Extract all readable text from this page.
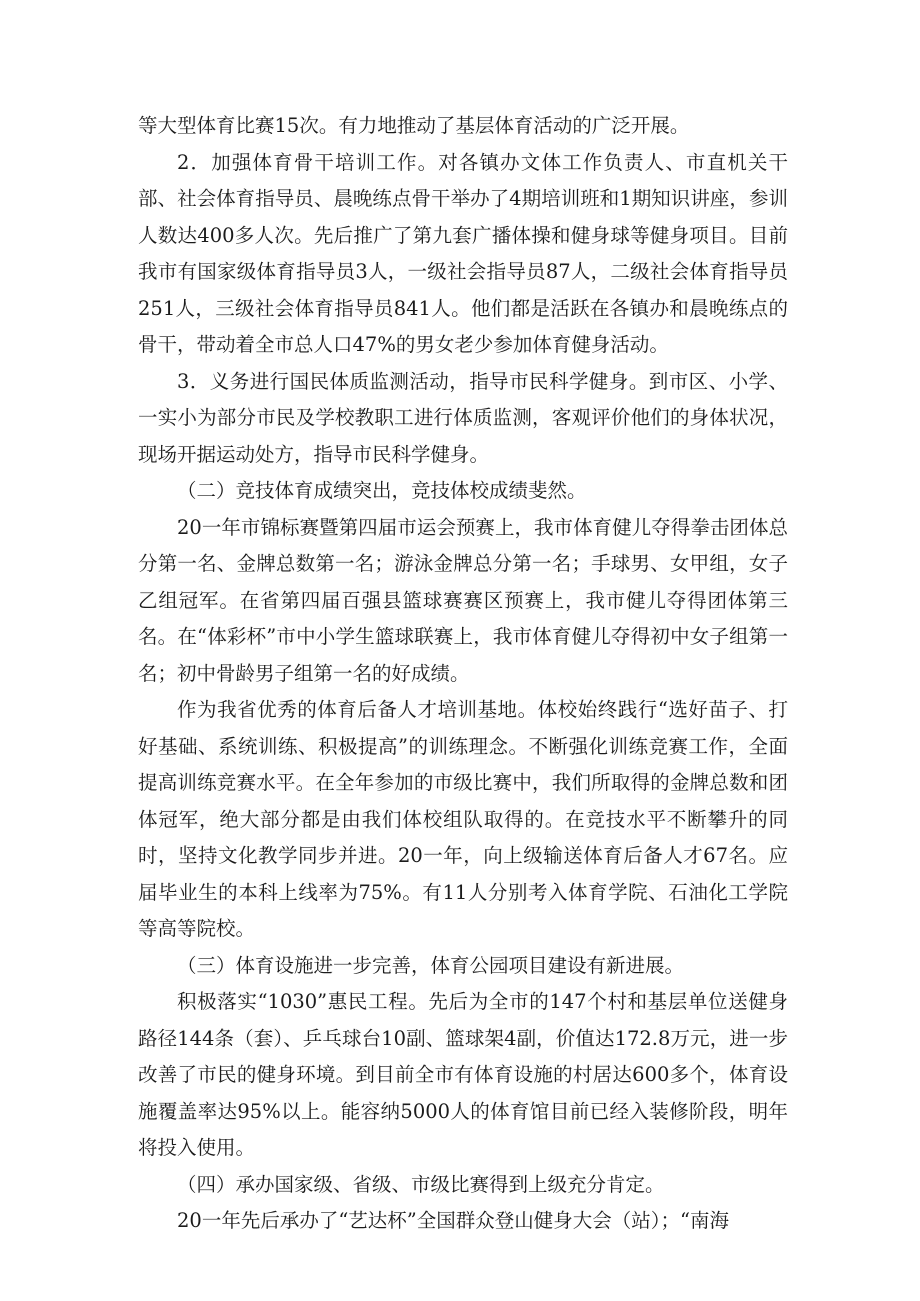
等大型体育比赛15次。有力地推动了基层体育活动的广泛开展。

2．加强体育骨干培训工作。对各镇办文体工作负责人、市直机关干部、社会体育指导员、晨晚练点骨干举办了4期培训班和1期知识讲座，参训人数达400多人次。先后推广了第九套广播体操和健身球等健身项目。目前我市有国家级体育指导员3人，一级社会指导员87人，二级社会体育指导员251人，三级社会体育指导员841人。他们都是活跃在各镇办和晨晚练点的骨干，带动着全市总人口47%的男女老少参加体育健身活动。

3．义务进行国民体质监测活动，指导市民科学健身。到市区、小学、一实小为部分市民及学校教职工进行体质监测，客观评价他们的身体状况，现场开据运动处方，指导市民科学健身。

（二）竞技体育成绩突出，竞技体校成绩斐然。

20一年市锦标赛暨第四届市运会预赛上，我市体育健儿夺得拳击团体总分第一名、金牌总数第一名；游泳金牌总分第一名；手球男、女甲组，女子乙组冠军。在省第四届百强县篮球赛赛区预赛上，我市健儿夺得团体第三名。在“体彩杯”市中小学生篮球联赛上，我市体育健儿夺得初中女子组第一名；初中骨龄男子组第一名的好成绩。

作为我省优秀的体育后备人才培训基地。体校始终践行“选好苗子、打好基础、系统训练、积极提高”的训练理念。不断强化训练竞赛工作，全面提高训练竞赛水平。在全年参加的市级比赛中，我们所取得的金牌总数和团体冠军，绝大部分都是由我们体校组队取得的。在竞技水平不断攀升的同时，坚持文化教学同步并进。20一年，向上级输送体育后备人才67名。应届毕业生的本科上线率为75%。有11人分别考入体育学院、石油化工学院等高等院校。

（三）体育设施进一步完善，体育公园项目建设有新进展。

积极落实“1030”惠民工程。先后为全市的147个村和基层单位送健身路径144条（套）、乒乓球台10副、篮球架4副，价值达172.8万元，进一步改善了市民的健身环境。到目前全市有体育设施的村居达600多个，体育设施覆盖率达95%以上。能容纳5000人的体育馆目前已经入装修阶段，明年将投入使用。

（四）承办国家级、省级、市级比赛得到上级充分肯定。

20一年先后承办了“艺达杯”全国群众登山健身大会（站）；“南海
